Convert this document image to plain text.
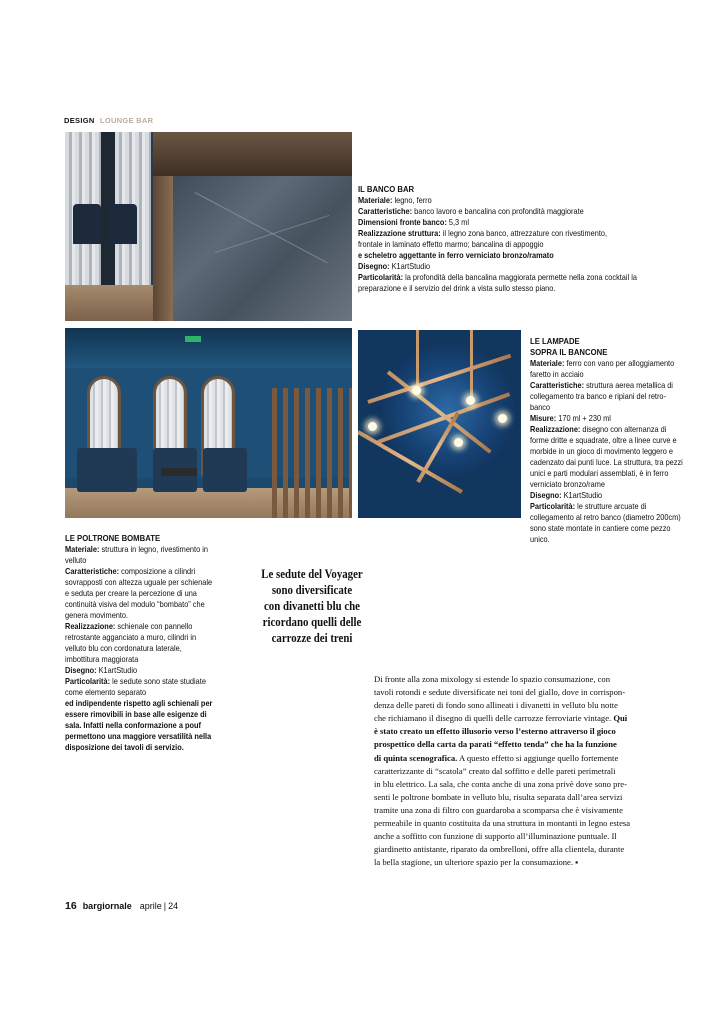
DESIGN LOUNGE BAR
IL BANCO BAR
Materiale: legno, ferro
Caratteristiche: banco lavoro e bancalina con profondità maggiorate
Dimensioni fronte banco: 5,3 ml
Realizzazione struttura: il legno zona banco, attrezzature con rivestimento, frontale in laminato effetto marmo; bancalina di appoggio
e scheletro aggettante in ferro verniciato bronzo/ramato
Disegno: K1artStudio
Particolarità: la profondità della bancalina maggiorata permette nella zona cocktail la preparazione e il servizio del drink a vista sullo stesso piano.
LE LAMPADE
SOPRA IL BANCONE
Materiale: ferro con vano per alloggiamento faretto in acciaio
Caratteristiche: struttura aerea metallica di collegamento tra banco e ripiani del retro-banco
Misure: 170 ml + 230 ml
Realizzazione: disegno con alternanza di forme dritte e squadrate, oltre a linee curve e morbide in un gioco di movimento leggero e cadenzato dai punti luce. La struttura, tra pezzi unici e parti modulari assemblati, è in ferro verniciato bronzo/rame
Disegno: K1artStudio
Particolarità: le strutture arcuate di collegamento al retro banco (diametro 200cm) sono state montate in cantiere come pezzo unico.
LE POLTRONE BOMBATE
Materiale: struttura in legno, rivestimento in velluto
Caratteristiche: composizione a cilindri sovrapposti con altezza uguale per schienale e seduta per creare la percezione di una continuità visiva del modulo “bombato” che genera movimento.
Realizzazione: schienale con pannello retrostante agganciato a muro, cilindri in velluto blu con cordonatura laterale, imbottitura maggiorata
Disegno: K1artStudio
Particolarità: le sedute sono state studiate come elemento separato
ed indipendente rispetto agli schienali per essere rimovibili in base alle esigenze di sala. Infatti nella conformazione a pouf permettono una maggiore versatilità nella disposizione dei tavoli di servizio.
Le sedute del Voyager
sono diversificate
con divanetti blu che
ricordano quelli delle
carrozze dei treni
Di fronte alla zona mixology si estende lo spazio consumazione, con
tavoli rotondi e sedute diversificate nei toni del giallo, dove in corrispon-
denza delle pareti di fondo sono allineati i divanetti in velluto blu notte
che richiamano il disegno di quelli delle carrozze ferroviarie vintage. Qui
è stato creato un effetto illusorio verso l’esterno attraverso il gioco
prospettico della carta da parati “effetto tenda” che ha la funzione
di quinta scenografica. A questo effetto si aggiunge quello fortemente
caratterizzante di “scatola” creato dal soffitto e delle pareti perimetrali
in blu elettrico. La sala, che conta anche di una zona privè dove sono pre-
senti le poltrone bombate in velluto blu, risulta separata dall’area servizi
tramite una zona di filtro con guardaroba a scomparsa che è visivamente
permeabile in quanto costituita da una struttura in montanti in legno estesa
anche a soffitto con funzione di supporto all’illuminazione puntuale. Il
giardinetto antistante, riparato da ombrelloni, offre alla clientela, durante
la bella stagione, un ulteriore spazio per la consumazione. ▪
16 bargiornale aprile | 24
